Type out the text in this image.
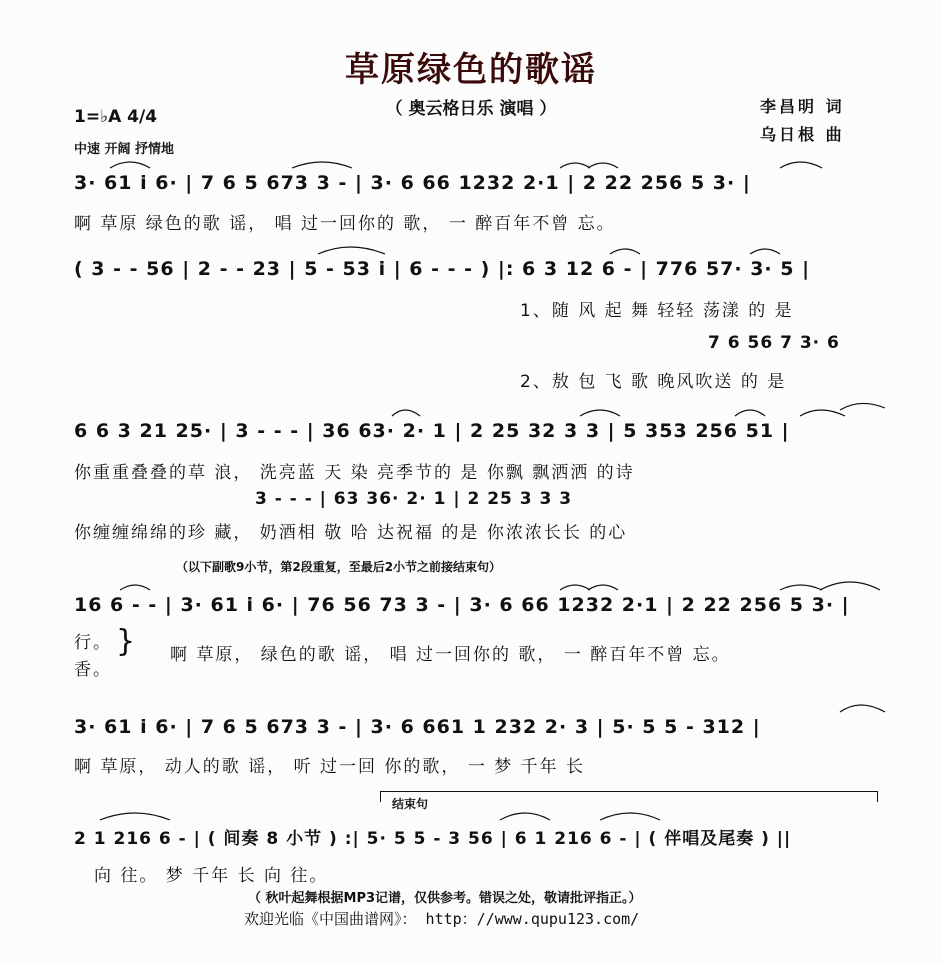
草原绿色的歌谣
（ 奥云格日乐 演唱 ）	李昌明 词
乌日根 曲
1=♭A 4/4
中速 开阔 抒情地
3· 61 i 6· | 7 6 5 673 3 - | 3· 6 66 1232 2·1 | 2 22 256 5 3· |
啊 草原 绿色的歌 谣， 唱 过一回你的 歌， 一 醉百年不曾 忘。
( 3 - - 56 | 2 - - 23 | 5 - 53 i | 6 - - - ) |: 6 3 12 6 - | 776 57· 3· 5 |
1、随 风 起 舞 轻轻 荡漾 的 是
7 6 56 7 3· 6
2、敖 包 飞 歌 晚风吹送 的 是
6 6 3 21 25· | 3 - - - | 36 63· 2· 1 | 2 25 32 3 3 | 5 353 256 51 |
你重重叠叠的草 浪， 洗亮蓝 天 染 亮季节的 是 你飘 飘洒洒 的诗
3 - - - | 63 36· 2· 1 | 2 25 3 3 3
你缠缠绵绵的珍 藏， 奶酒相 敬 哈 达祝福 的是 你浓浓长长 的心
（以下副歌9小节，第2段重复，至最后2小节之前接结束句）
16 6 - - | 3· 61 i 6· | 76 56 73 3 - | 3· 6 66 1232 2·1 | 2 22 256 5 3· |
行。
香。
} 啊 草原， 绿色的歌 谣， 唱 过一回你的 歌， 一 醉百年不曾 忘。
3· 61 i 6· | 7 6 5 673 3 - | 3· 6 661 1 232 2· 3 | 5· 5 5 - 312 |
啊 草原， 动人的歌 谣， 听 过一回 你的歌， 一 梦 千年 长
结束句
2 1 216 6 - | ( 间奏 8 小节 ) :| 5· 5 5 - 3 56 | 6 1 216 6 - | ( 伴唱及尾奏 ) ||
向 往。 梦 千年 长 向 往。
（ 秋叶起舞根据MP3记谱，仅供参考。错误之处，敬请批评指正。）
欢迎光临《中国曲谱网》： http：//www.qupu123.com/
